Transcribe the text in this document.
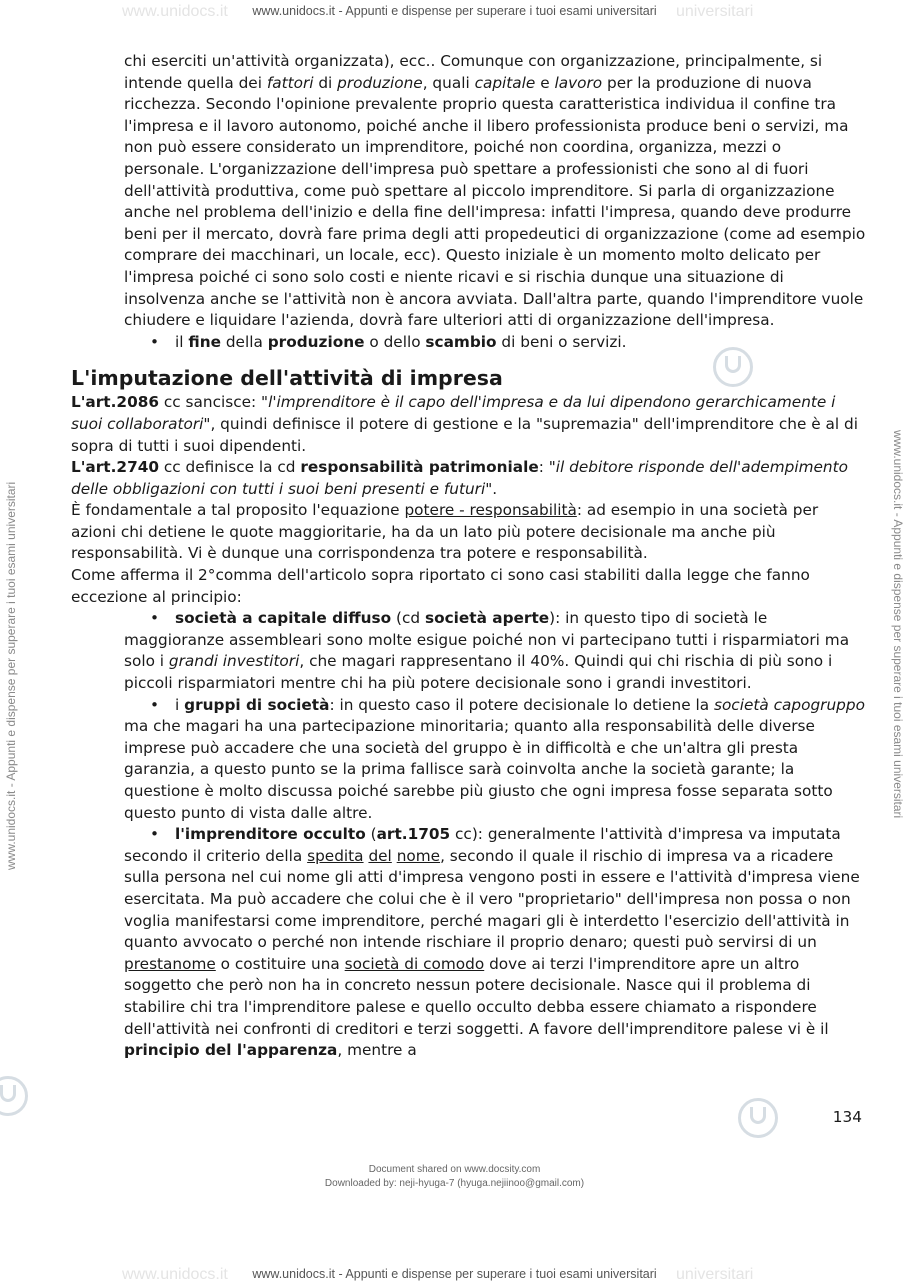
www.unidocs.it	universitari
www.unidocs.it - Appunti e dispense per superare i tuoi esami universitari
www.unidocs.it	universitari
www.unidocs.it - Appunti e dispense per superare i tuoi esami universitari
www.unidocs.it - Appunti e dispense per superare i tuoi esami universitari	www.unidocs.it - Appunti e dispense per superare i tuoi esami universitari

chi eserciti un'attività organizzata), ecc.. Comunque con organizzazione, principalmente, si intende quella dei fattori di produzione, quali capitale e lavoro per la produzione di nuova ricchezza. Secondo l'opinione prevalente proprio questa caratteristica individua il confine tra l'impresa e il lavoro autonomo, poiché anche il libero professionista produce beni o servizi, ma non può essere considerato un imprenditore, poiché non coordina, organizza, mezzi o personale. L'organizzazione dell'impresa può spettare a professionisti che sono al di fuori dell'attività produttiva, come può spettare al piccolo imprenditore. Si parla di organizzazione anche nel problema dell'inizio e della fine dell'impresa: infatti l'impresa, quando deve produrre beni per il mercato, dovrà fare prima degli atti propedeutici di organizzazione (come ad esempio comprare dei macchinari, un locale, ecc). Questo iniziale è un momento molto delicato per l'impresa poiché ci sono solo costi e niente ricavi e si rischia dunque una situazione di insolvenza anche se l'attività non è ancora avviata. Dall'altra parte, quando l'imprenditore vuole chiudere e liquidare l'azienda, dovrà fare ulteriori atti di organizzazione dell'impresa.

• il fine della produzione o dello scambio di beni o servizi.
L'imputazione dell'attività di impresa

L'art.2086 cc sancisce: "l'imprenditore è il capo dell'impresa e da lui dipendono gerarchicamente i suoi collaboratori", quindi definisce il potere di gestione e la "supremazia" dell'imprenditore che è al di sopra di tutti i suoi dipendenti.

L'art.2740 cc definisce la cd responsabilità patrimoniale: "il debitore risponde dell'adempimento delle obbligazioni con tutti i suoi beni presenti e futuri".

È fondamentale a tal proposito l'equazione potere - responsabilità: ad esempio in una società per azioni chi detiene le quote maggioritarie, ha da un lato più potere decisionale ma anche più responsabilità. Vi è dunque una corrispondenza tra potere e responsabilità.

Come afferma il 2°comma dell'articolo sopra riportato ci sono casi stabiliti dalla legge che fanno eccezione al principio:

•	società a capitale diffuso (cd società aperte): in questo tipo di società le maggioranze assembleari sono molte esigue poiché non vi partecipano tutti i risparmiatori ma solo i grandi investitori, che magari rappresentano il 40%. Quindi qui chi rischia di più sono i piccoli risparmiatori mentre chi ha più potere decisionale sono i grandi investitori.

•	i gruppi di società: in questo caso il potere decisionale lo detiene la società capogruppo ma che magari ha una partecipazione minoritaria; quanto alla responsabilità delle diverse imprese può accadere che una società del gruppo è in difficoltà e che un'altra gli presta garanzia, a questo punto se la prima fallisce sarà coinvolta anche la società garante; la questione è molto discussa poiché sarebbe più giusto che ogni impresa fosse separata sotto questo punto di vista dalle altre.

•	l'imprenditore occulto (art.1705 cc): generalmente l'attività d'impresa va imputata secondo il criterio della spedita del nome, secondo il quale il rischio di impresa va a ricadere sulla persona nel cui nome gli atti d'impresa vengono posti in essere e l'attività d'impresa viene esercitata. Ma può accadere che colui che è il vero "proprietario" dell'impresa non possa o non voglia manifestarsi come imprenditore, perché magari gli è interdetto l'esercizio dell'attività in quanto avvocato o perché non intende rischiare il proprio denaro; questi può servirsi di un prestanome o costituire una società di comodo dove ai terzi l'imprenditore apre un altro soggetto che però non ha in concreto nessun potere decisionale. Nasce qui il problema di stabilire chi tra l'imprenditore palese e quello occulto debba essere chiamato a rispondere dell'attività nei confronti di creditori e terzi soggetti. A favore dell'imprenditore palese vi è il principio del l'apparenza, mentre a

134
Document shared on www.docsity.com
Downloaded by: neji-hyuga-7 (hyuga.nejiinoo@gmail.com)
